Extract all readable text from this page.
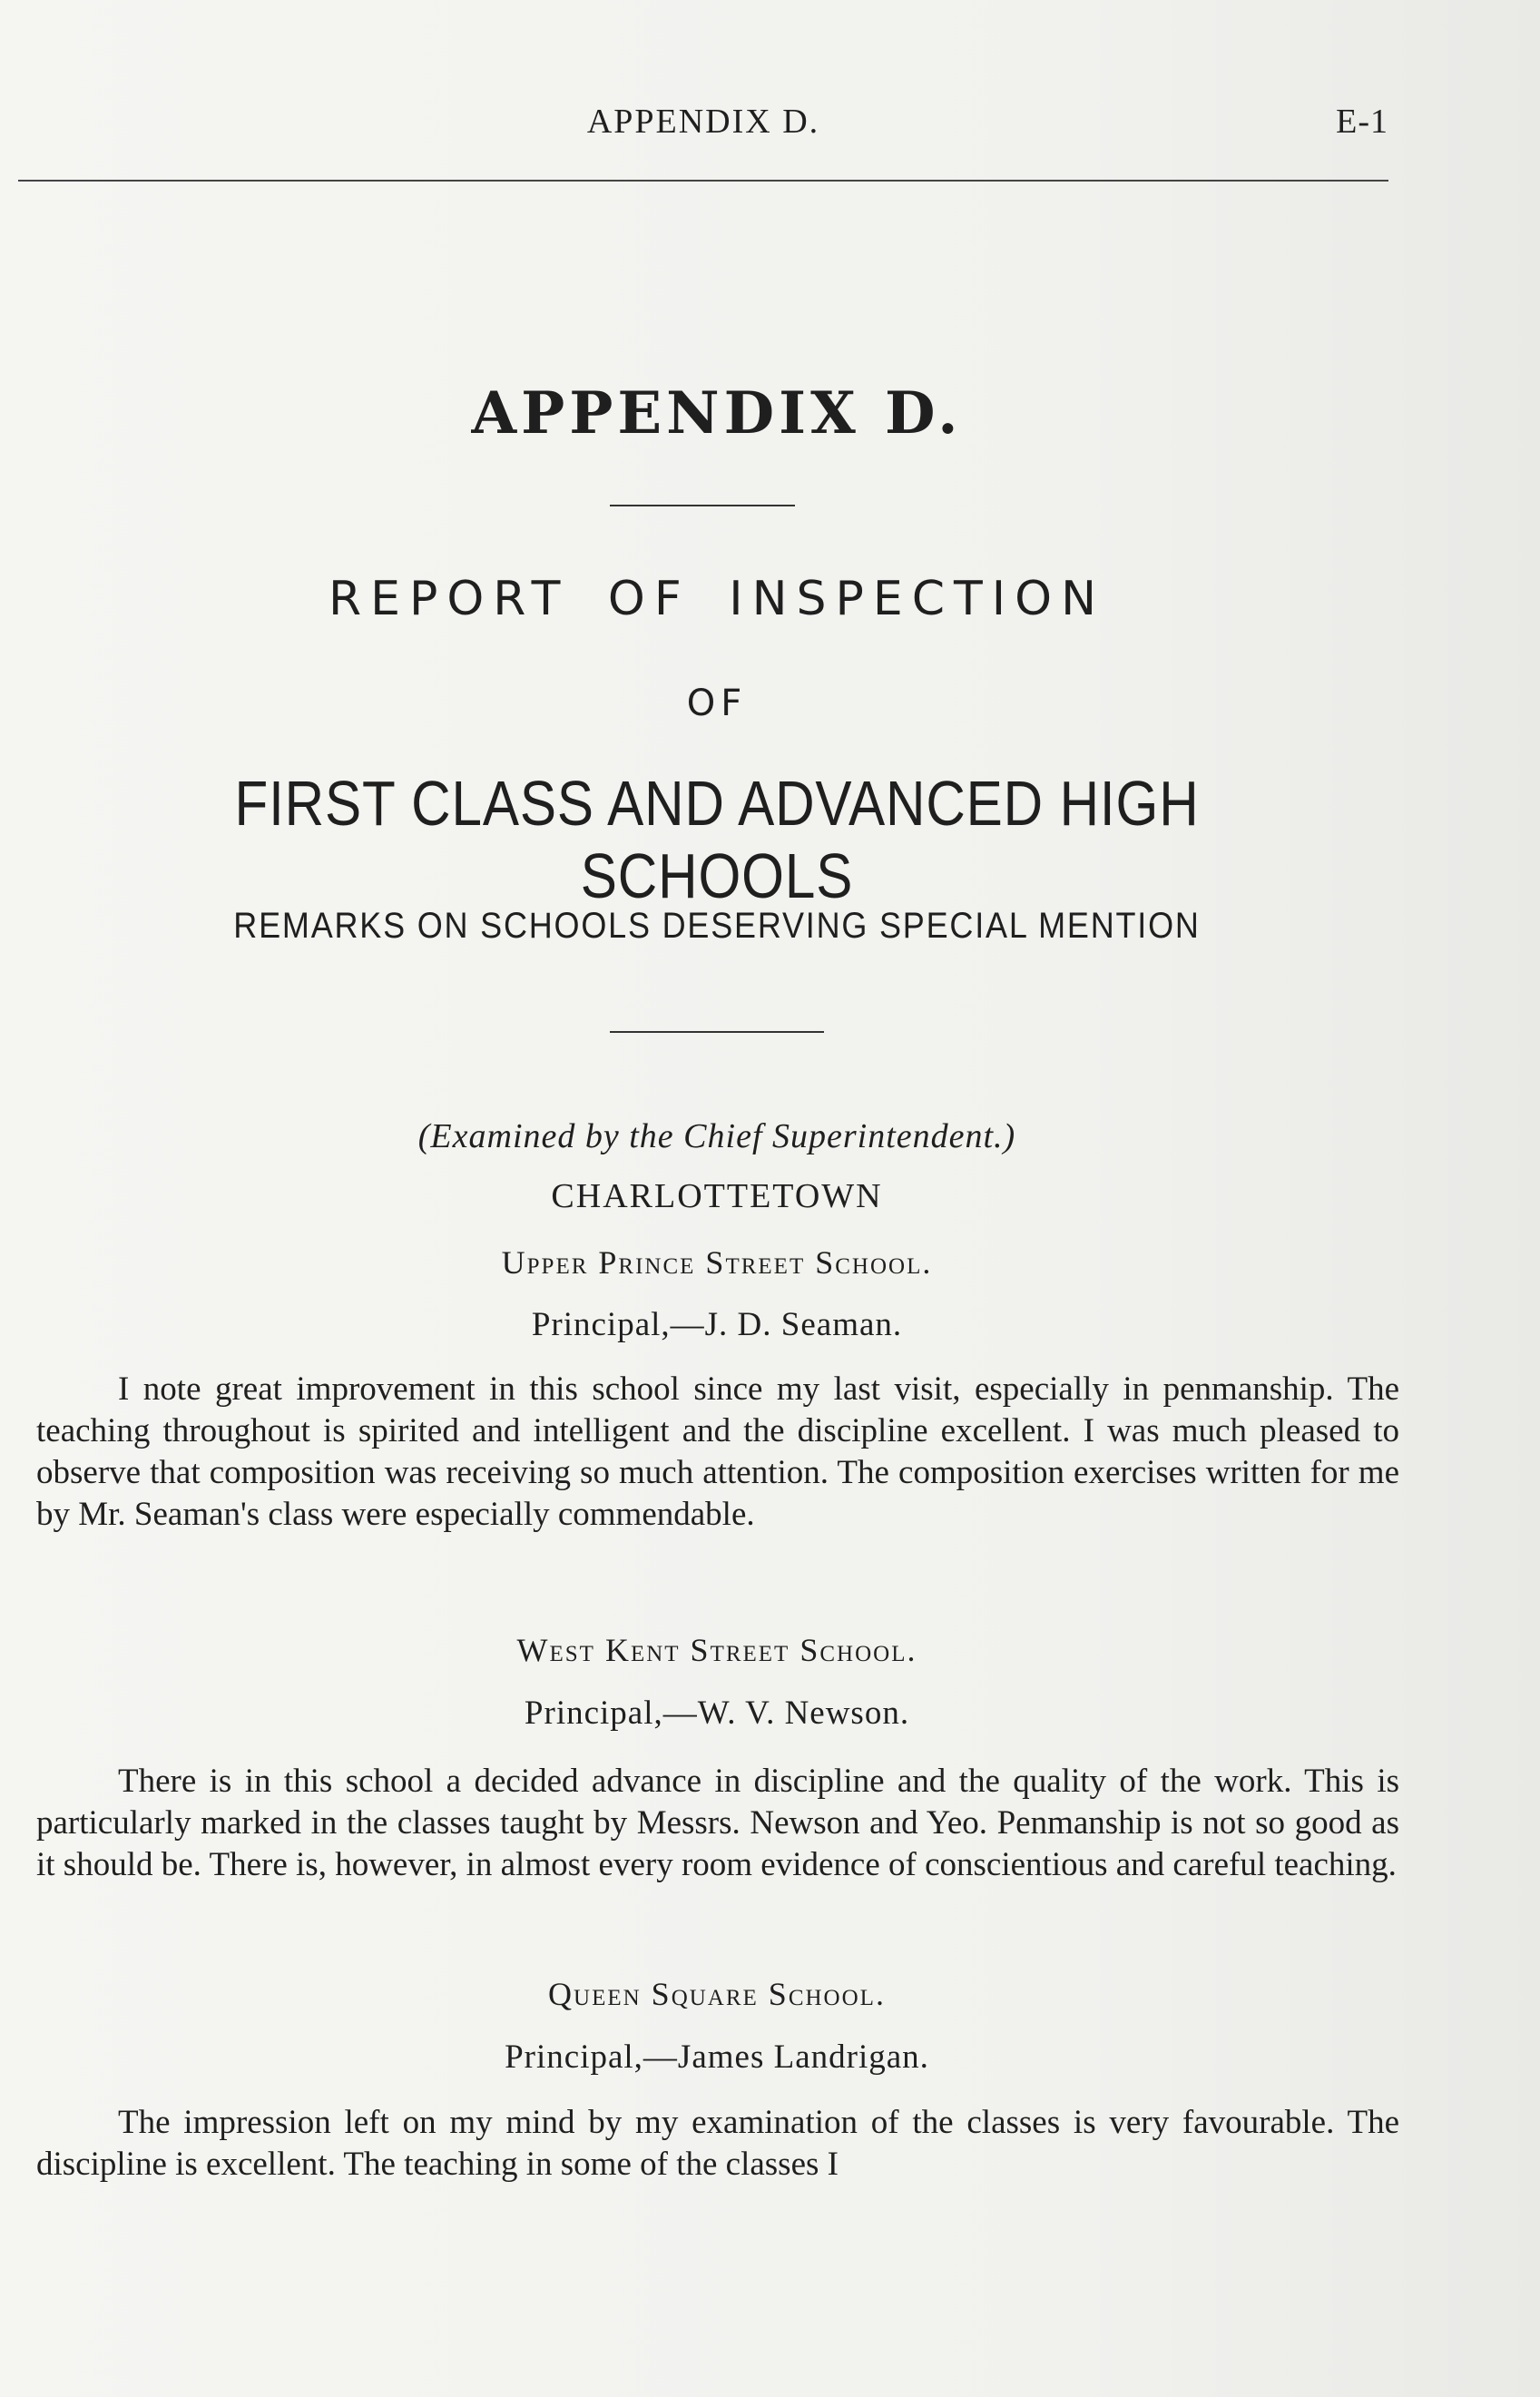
APPENDIX D.	E-1
APPENDIX D.
REPORT OF INSPECTION
OF
FIRST CLASS AND ADVANCED HIGH SCHOOLS
REMARKS ON SCHOOLS DESERVING SPECIAL MENTION
(Examined by the Chief Superintendent.)
CHARLOTTETOWN
Upper Prince Street School.
Principal,—J. D. Seaman.

I note great improvement in this school since my last visit, especially in penmanship. The teaching throughout is spirited and intelligent and the discipline excellent. I was much pleased to observe that composition was receiving so much attention. The composition exercises written for me by Mr. Seaman's class were especially commendable.

West Kent Street School.
Principal,—W. V. Newson.

There is in this school a decided advance in discipline and the quality of the work. This is particularly marked in the classes taught by Messrs. Newson and Yeo. Penmanship is not so good as it should be. There is, however, in almost every room evidence of conscientious and careful teaching.

Queen Square School.
Principal,—James Landrigan.

The impression left on my mind by my examination of the classes is very favourable. The discipline is excellent. The teaching in some of the classes I
